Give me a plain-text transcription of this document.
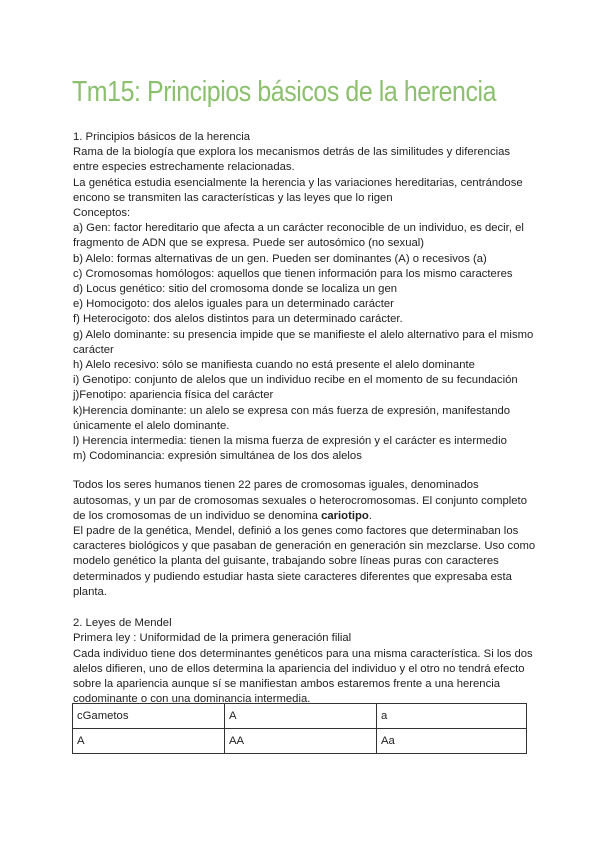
Tm15: Principios básicos de la herencia

1. Principios básicos de la herencia

Rama de la biología que explora los mecanismos detrás de las similitudes y diferencias entre especies estrechamente relacionadas.

La genética estudia esencialmente la herencia y las variaciones hereditarias, centrándose encono se transmiten las características y las leyes que lo rigen

Conceptos:

a) Gen: factor hereditario que afecta a un carácter reconocible de un individuo, es decir, el fragmento de ADN que se expresa. Puede ser autosómico (no sexual)

b) Alelo: formas alternativas de un gen. Pueden ser dominantes (A) o recesivos (a)

c) Cromosomas homólogos: aquellos que tienen información para los mismo caracteres

d) Locus genético: sitio del cromosoma donde se localiza un gen

e) Homocigoto: dos alelos iguales para un determinado carácter

f) Heterocigoto: dos alelos distintos para un determinado carácter.

g) Alelo dominante: su presencia impide que se manifieste el alelo alternativo para el mismo carácter

h) Alelo recesivo: sólo se manifiesta cuando no está presente el alelo dominante

i) Genotipo: conjunto de alelos que un individuo recibe en el momento de su fecundación

j)Fenotipo: apariencia física del carácter

k)Herencia dominante: un alelo se expresa con más fuerza de expresión, manifestando únicamente el alelo dominante.

l) Herencia intermedia: tienen la misma fuerza de expresión y el carácter es intermedio

m) Codominancia: expresión simultánea de los dos alelos

Todos los seres humanos tienen 22 pares de cromosomas iguales, denominados autosomas, y un par de cromosomas sexuales o heterocromosomas. El conjunto completo de los cromosomas de un individuo se denomina cariotipo.

El padre de la genética, Mendel, definió a los genes como factores que determinaban los caracteres biológicos y que pasaban de generación en generación sin mezclarse. Uso como modelo genético la planta del guisante, trabajando sobre líneas puras con caracteres determinados y pudiendo estudiar hasta siete caracteres diferentes que expresaba esta planta.

2. Leyes de Mendel

Primera ley : Uniformidad de la primera generación filial

Cada individuo tiene dos determinantes genéticos para una misma característica. Si los dos alelos difieren, uno de ellos determina la apariencia del individuo y el otro no tendrá efecto sobre la apariencia aunque sí se manifiestan ambos estaremos frente a una herencia codominante o con una dominancia intermedia.

cGametos	A	a
A	AA	Aa
